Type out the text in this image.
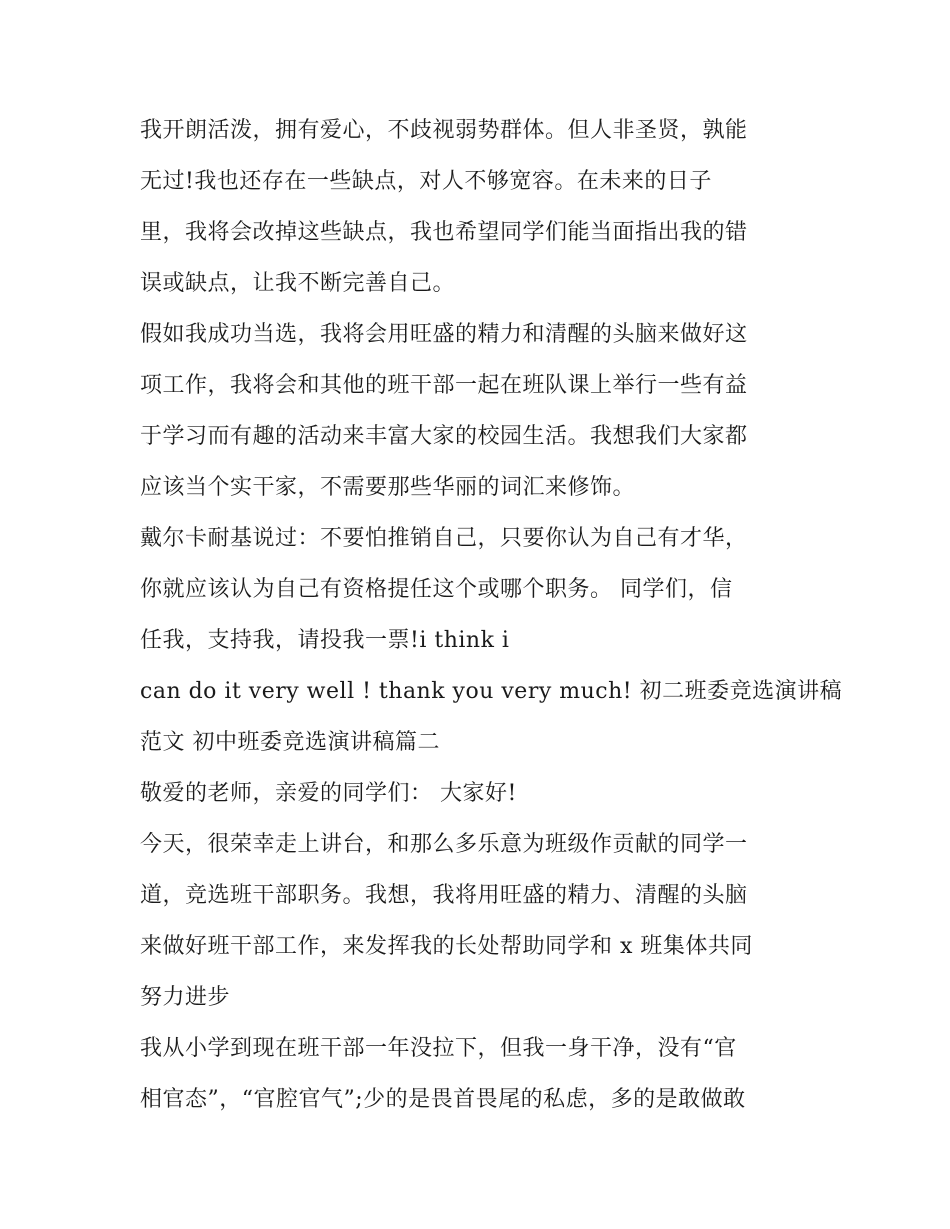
我开朗活泼，拥有爱心，不歧视弱势群体。但人非圣贤，孰能
无过!我也还存在一些缺点，对人不够宽容。在未来的日子
里，我将会改掉这些缺点，我也希望同学们能当面指出我的错
误或缺点，让我不断完善自己。
假如我成功当选，我将会用旺盛的精力和清醒的头脑来做好这
项工作，我将会和其他的班干部一起在班队课上举行一些有益
于学习而有趣的活动来丰富大家的校园生活。我想我们大家都
应该当个实干家，不需要那些华丽的词汇来修饰。
戴尔卡耐基说过：不要怕推销自己，只要你认为自己有才华，
你就应该认为自己有资格提任这个或哪个职务。 同学们，信
任我，支持我，请投我一票!i think i
can do it very well ! thank you very much! 初二班委竞选演讲稿
范文 初中班委竞选演讲稿篇二
敬爱的老师，亲爱的同学们： 大家好!
今天，很荣幸走上讲台，和那么多乐意为班级作贡献的同学一
道，竞选班干部职务。我想，我将用旺盛的精力、清醒的头脑
来做好班干部工作，来发挥我的长处帮助同学和 x 班集体共同
努力进步
我从小学到现在班干部一年没拉下，但我一身干净，没有“官
相官态”，“官腔官气”;少的是畏首畏尾的私虑，多的是敢做敢
